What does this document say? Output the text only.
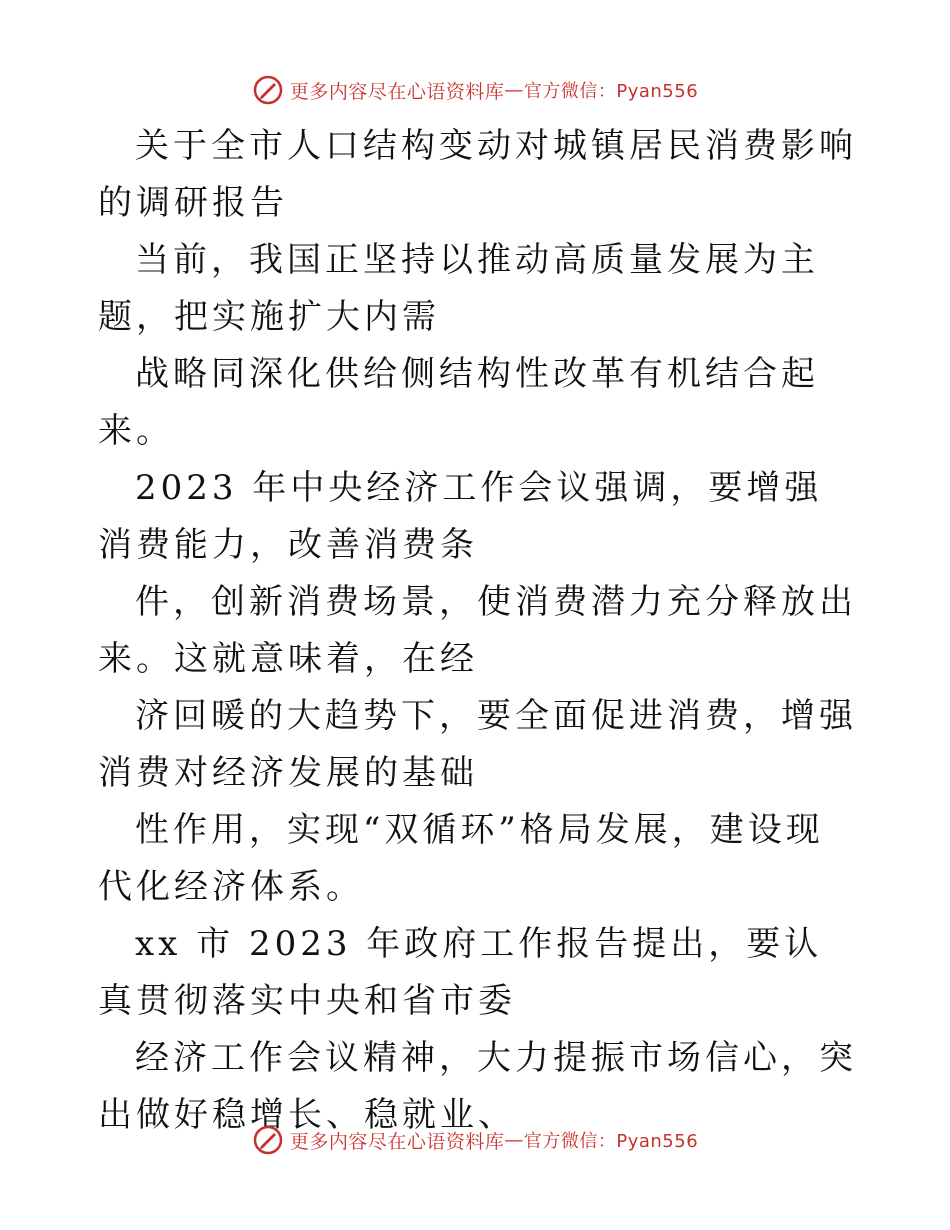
更多内容尽在心语资料库 — 官方微信：Pyan556

关于全市人口结构变动对城镇居民消费影响的调研报告

当前，我国正坚持以推动高质量发展为主题，把实施扩大内需

战略同深化供给侧结构性改革有机结合起来。

2023 年中央经济工作会议强调，要增强消费能力，改善消费条

件，创新消费场景，使消费潜力充分释放出来。这就意味着，在经

济回暖的大趋势下，要全面促进消费，增强消费对经济发展的基础

性作用，实现“双循环”格局发展，建设现代化经济体系。

xx 市 2023 年政府工作报告提出，要认真贯彻落实中央和省市委

经济工作会议精神，大力提振市场信心，突出做好稳增长、稳就业、

更多内容尽在心语资料库 — 官方微信：Pyan556
